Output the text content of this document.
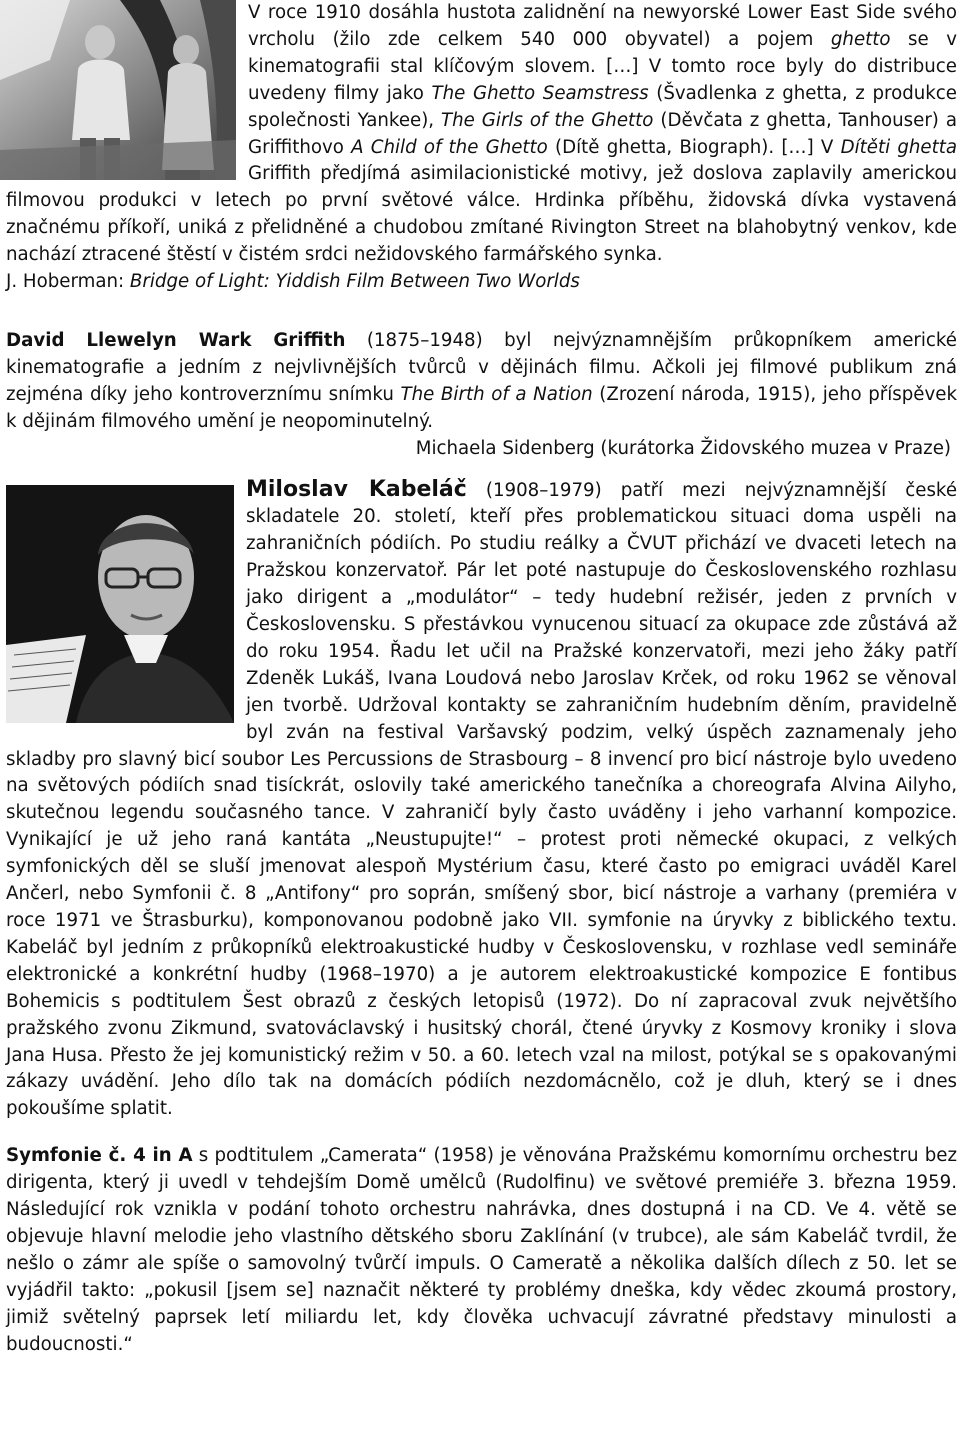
V roce 1910 dosáhla hustota zalidnění na newyorské Lower East Side svého vrcholu (žilo zde celkem 540 000 obyvatel) a pojem ghetto se v kinematografii stal klíčovým slovem. […] V tomto roce byly do distribuce uvedeny filmy jako The Ghetto Seamstress (Švadlenka z ghetta, z produkce společnosti Yankee), The Girls of the Ghetto (Děvčata z ghetta, Tanhouser) a Griffithovo A Child of the Ghetto (Dítě ghetta, Biograph). […] V Dítěti ghetta Griffith předjímá asimilacionistické motivy, jež doslova zaplavily americkou filmovou produkci v letech po první světové válce. Hrdinka příběhu, židovská dívka vystavená značnému příkoří, uniká z přelidněné a chudobou zmítané Rivington Street na blahobytný venkov, kde nachází ztracené štěstí v čistém srdci nežidovského farmářského synka.

J. Hoberman: Bridge of Light: Yiddish Film Between Two Worlds

David Llewelyn Wark Griffith (1875–1948) byl nejvýznamnějším průkopníkem americké kinematografie a jedním z nejvlivnějších tvůrců v dějinách filmu. Ačkoli jej filmové publikum zná zejména díky jeho kontroverznímu snímku The Birth of a Nation (Zrození národa, 1915), jeho příspěvek k dějinám filmového umění je neopominutelný.

Michaela Sidenberg (kurátorka Židovského muzea v Praze)

Miloslav Kabeláč (1908–1979) patří mezi nejvýznamnější české skladatele 20. století, kteří přes problematickou situaci doma uspěli na zahraničních pódiích. Po studiu reálky a ČVUT přichází ve dvaceti letech na Pražskou konzervatoř. Pár let poté nastupuje do Československého rozhlasu jako dirigent a „modulátor“ – tedy hudební režisér, jeden z prvních v Československu. S přestávkou vynucenou situací za okupace zde zůstává až do roku 1954. Řadu let učil na Pražské konzervatoři, mezi jeho žáky patří Zdeněk Lukáš, Ivana Loudová nebo Jaroslav Krček, od roku 1962 se věnoval jen tvorbě. Udržoval kontakty se zahraničním hudebním děním, pravidelně byl zván na festival Varšavský podzim, velký úspěch zaznamenaly jeho skladby pro slavný bicí soubor Les Percussions de Strasbourg – 8 invencí pro bicí nástroje bylo uvedeno na světových pódiích snad tisíckrát, oslovily také amerického tanečníka a choreografa Alvina Ailyho, skutečnou legendu současného tance. V zahraničí byly často uváděny i jeho varhanní kompozice. Vynikající je už jeho raná kantáta „Neustupujte!“ – protest proti německé okupaci, z velkých symfonických děl se sluší jmenovat alespoň Mystérium času, které často po emigraci uváděl Karel Ančerl, nebo Symfonii č. 8 „Antifony“ pro soprán, smíšený sbor, bicí nástroje a varhany (premiéra v roce 1971 ve Štrasburku), komponovanou podobně jako VII. symfonie na úryvky z biblického textu. Kabeláč byl jedním z průkopníků elektroakustické hudby v Československu, v rozhlase vedl semináře elektronické a konkrétní hudby (1968–1970) a je autorem elektroakustické kompozice E fontibus Bohemicis s podtitulem Šest obrazů z českých letopisů (1972). Do ní zapracoval zvuk největšího pražského zvonu Zikmund, svatováclavský i husitský chorál, čtené úryvky z Kosmovy kroniky i slova Jana Husa. Přesto že jej komunistický režim v 50. a 60. letech vzal na milost, potýkal se s opakovanými zákazy uvádění. Jeho dílo tak na domácích pódiích nezdomácnělo, což je dluh, který se i dnes pokoušíme splatit.

Symfonie č. 4 in A s podtitulem „Camerata“ (1958) je věnována Pražskému komornímu orchestru bez dirigenta, který ji uvedl v tehdejším Domě umělců (Rudolfinu) ve světové premiéře 3. března 1959. Následující rok vznikla v podání tohoto orchestru nahrávka, dnes dostupná i na CD. Ve 4. větě se objevuje hlavní melodie jeho vlastního dětského sboru Zaklínání (v trubce), ale sám Kabeláč tvrdil, že nešlo o zámr ale spíše o samovolný tvůrčí impuls. O Cameratě a několika dalších dílech z 50. let se vyjádřil takto: „pokusil [jsem se] naznačit některé ty problémy dneška, kdy vědec zkoumá prostory, jimiž světelný paprsek letí miliardu let, kdy člověka uchvacují závratné představy minulosti a budoucnosti.“
